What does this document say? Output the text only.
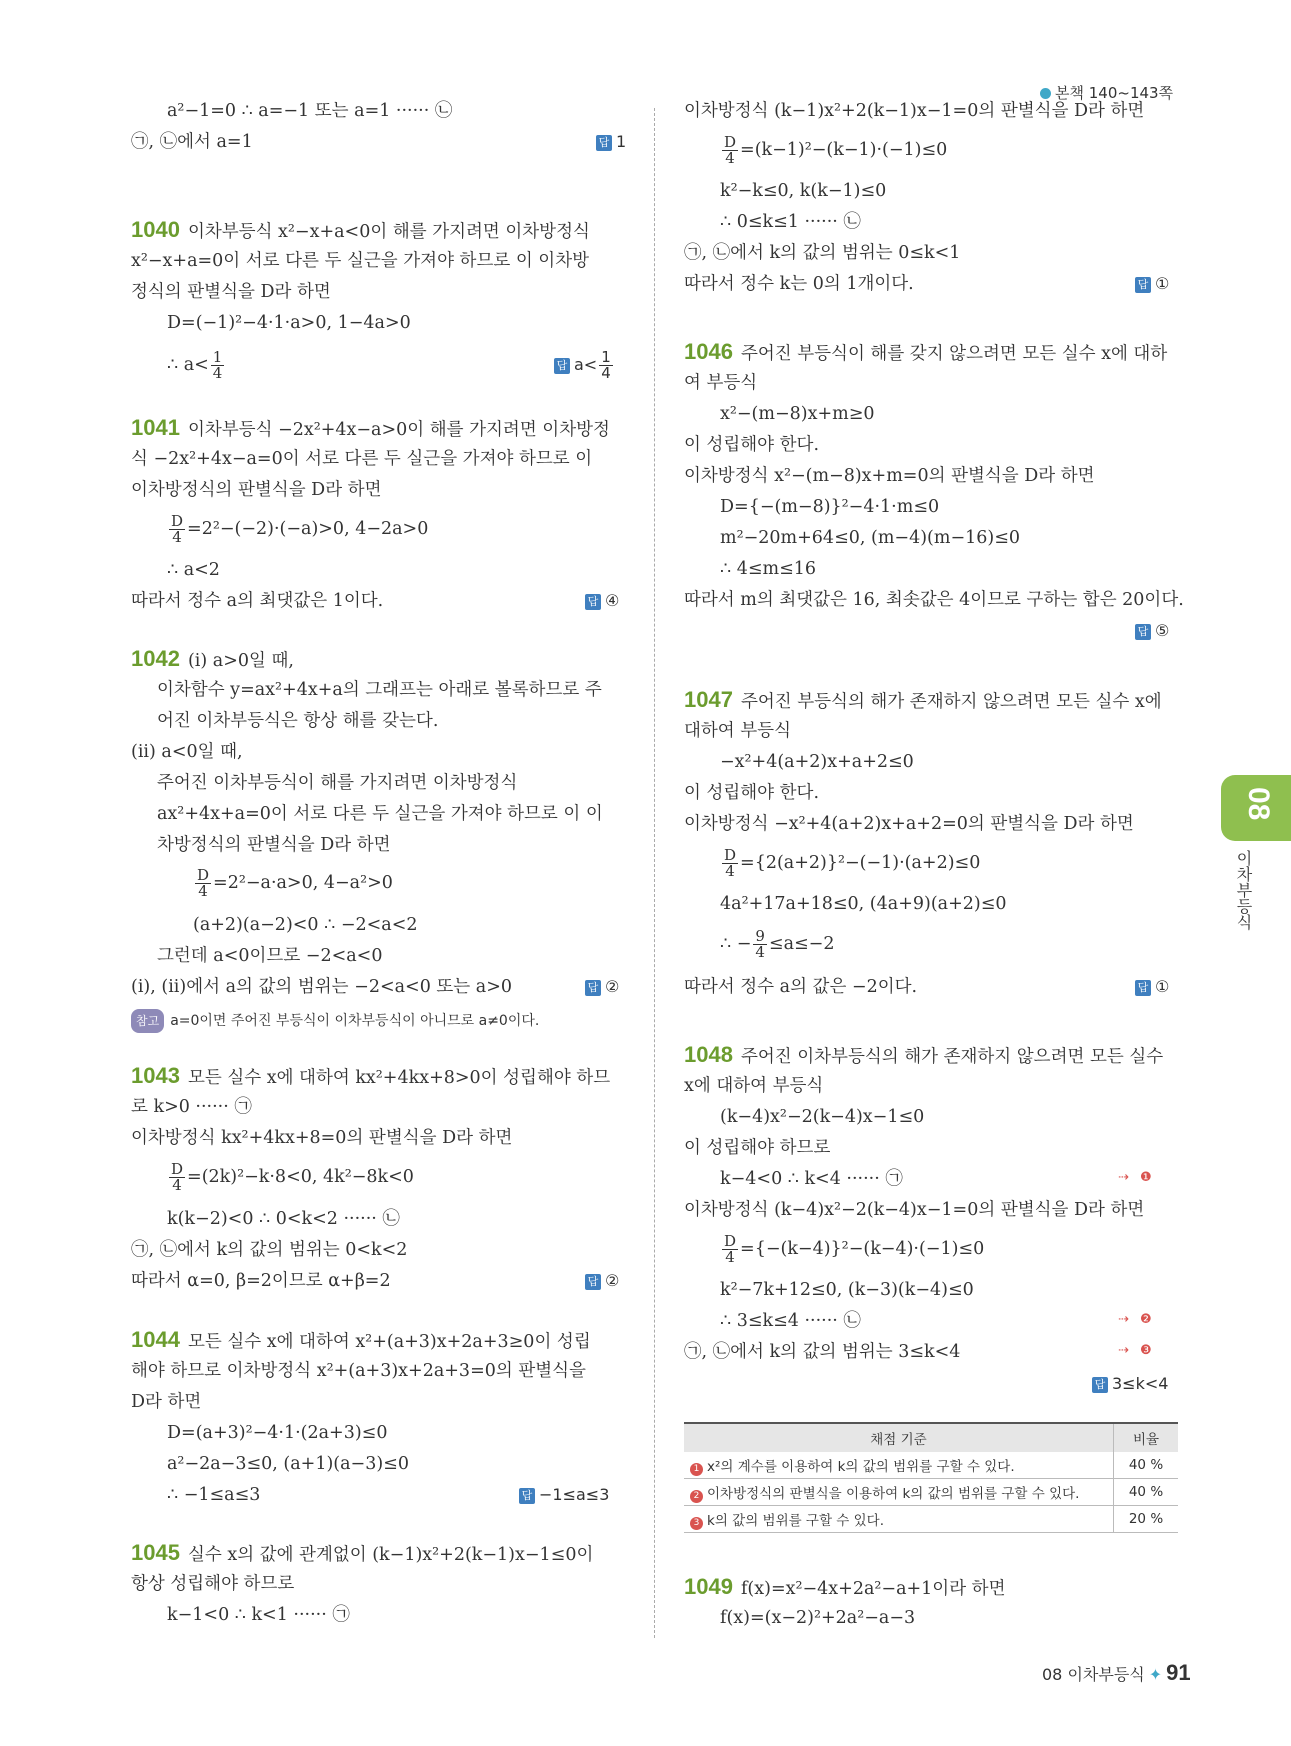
본책 140~143쪽
a²−1=0 ∴ a=−1 또는 a=1 ······ ㉡
㉠, ㉡에서 a=1	답 1
1040 이차부등식 x²−x+a<0이 해를 가지려면 이차방정식
x²−x+a=0이 서로 다른 두 실근을 가져야 하므로 이 이차방
정식의 판별식을 D라 하면
D=(−1)²−4·1·a>0, 1−4a>0
∴ $a< \frac{1}{4}$	답 $a< \frac{1}{4}$
1041 이차부등식 −2x²+4x−a>0이 해를 가지려면 이차방정
식 −2x²+4x−a=0이 서로 다른 두 실근을 가져야 하므로 이
이차방정식의 판별식을 D라 하면
$\frac{D}{4} =2^2-(-2)\cdot(-a)>0$, 4−2a>0
∴ a<2
따라서 정수 a의 최댓값은 1이다.	답 ④
1042 (i) a>0일 때,
이차함수 y=ax²+4x+a의 그래프는 아래로 볼록하므로 주
어진 이차부등식은 항상 해를 갖는다.
(ii) a<0일 때,
주어진 이차부등식이 해를 가지려면 이차방정식
ax²+4x+a=0이 서로 다른 두 실근을 가져야 하므로 이 이
차방정식의 판별식을 D라 하면
$\frac{D}{4} =2^2-a\cdot a>0$, 4−a²>0
(a+2)(a−2)<0 ∴ −2<a<2
그런데 a<0이므로 −2<a<0
(i), (ii)에서 a의 값의 범위는 −2<a<0 또는 a>0	답 ②
참고 a=0이면 주어진 부등식이 이차부등식이 아니므로 a≠0이다.
1043 모든 실수 x에 대하여 kx²+4kx+8>0이 성립해야 하므
로 k>0 ······ ㉠
이차방정식 kx²+4kx+8=0의 판별식을 D라 하면
$\frac{D}{4} =(2k)^2-k\cdot 8<0$, 4k²−8k<0
k(k−2)<0 ∴ 0<k<2 ······ ㉡
㉠, ㉡에서 k의 값의 범위는 0<k<2
따라서 α=0, β=2이므로 α+β=2	답 ②
1044 모든 실수 x에 대하여 x²+(a+3)x+2a+3≥0이 성립
해야 하므로 이차방정식 x²+(a+3)x+2a+3=0의 판별식을
D라 하면
D=(a+3)²−4·1·(2a+3)≤0
a²−2a−3≤0, (a+1)(a−3)≤0
∴ −1≤a≤3	답 −1≤a≤3
1045 실수 x의 값에 관계없이 (k−1)x²+2(k−1)x−1≤0이
항상 성립해야 하므로
k−1<0 ∴ k<1 ······ ㉠
이차방정식 (k−1)x²+2(k−1)x−1=0의 판별식을 D라 하면
$\frac{D}{4} =(k-1)^2-(k-1)\cdot(-1)\le 0$
k²−k≤0, k(k−1)≤0
∴ 0≤k≤1 ······ ㉡
㉠, ㉡에서 k의 값의 범위는 0≤k<1
따라서 정수 k는 0의 1개이다.	답 ①
1046 주어진 부등식이 해를 갖지 않으려면 모든 실수 x에 대하
여 부등식
x²−(m−8)x+m≥0
이 성립해야 한다.
이차방정식 x²−(m−8)x+m=0의 판별식을 D라 하면
D={−(m−8)}²−4·1·m≤0
m²−20m+64≤0, (m−4)(m−16)≤0
∴ 4≤m≤16
따라서 m의 최댓값은 16, 최솟값은 4이므로 구하는 합은 20이다.
답 ⑤
1047 주어진 부등식의 해가 존재하지 않으려면 모든 실수 x에
대하여 부등식
−x²+4(a+2)x+a+2≤0
이 성립해야 한다.
이차방정식 −x²+4(a+2)x+a+2=0의 판별식을 D라 하면
$\frac{D}{4} =\{2(a+2)\}^2-(-1)\cdot(a+2)\le 0$
4a²+17a+18≤0, (4a+9)(a+2)≤0
∴ − $\frac{9}{4} \le a\le-2$
따라서 정수 a의 값은 −2이다.	답 ①
1048 주어진 이차부등식의 해가 존재하지 않으려면 모든 실수
x에 대하여 부등식
(k−4)x²−2(k−4)x−1≤0
이 성립해야 하므로
k−4<0 ∴ k<4 ······ ㉠
이차방정식 (k−4)x²−2(k−4)x−1=0의 판별식을 D라 하면
$\frac{D}{4} =\{-(k-4)\}^2-(k-4)\cdot(-1)\le 0$
k²−7k+12≤0, (k−3)(k−4)≤0
∴ 3≤k≤4 ······ ㉡
㉠, ㉡에서 k의 값의 범위는 3≤k<4
답 3≤k<4
1049 f(x)=x²−4x+2a²−a+1이라 하면
f(x)=(x−2)²+2a²−a−3
❶
⇢
❷
⇢
❸
⇢
채점 기준	비율
1 x²의 계수를 이용하여 k의 값의 범위를 구할 수 있다.	40 %
2 이차방정식의 판별식을 이용하여 k의 값의 범위를 구할 수 있다.	40 %
3 k의 값의 범위를 구할 수 있다.	20 %
08
이차부등식
08 이차부등식 ✦ 91
